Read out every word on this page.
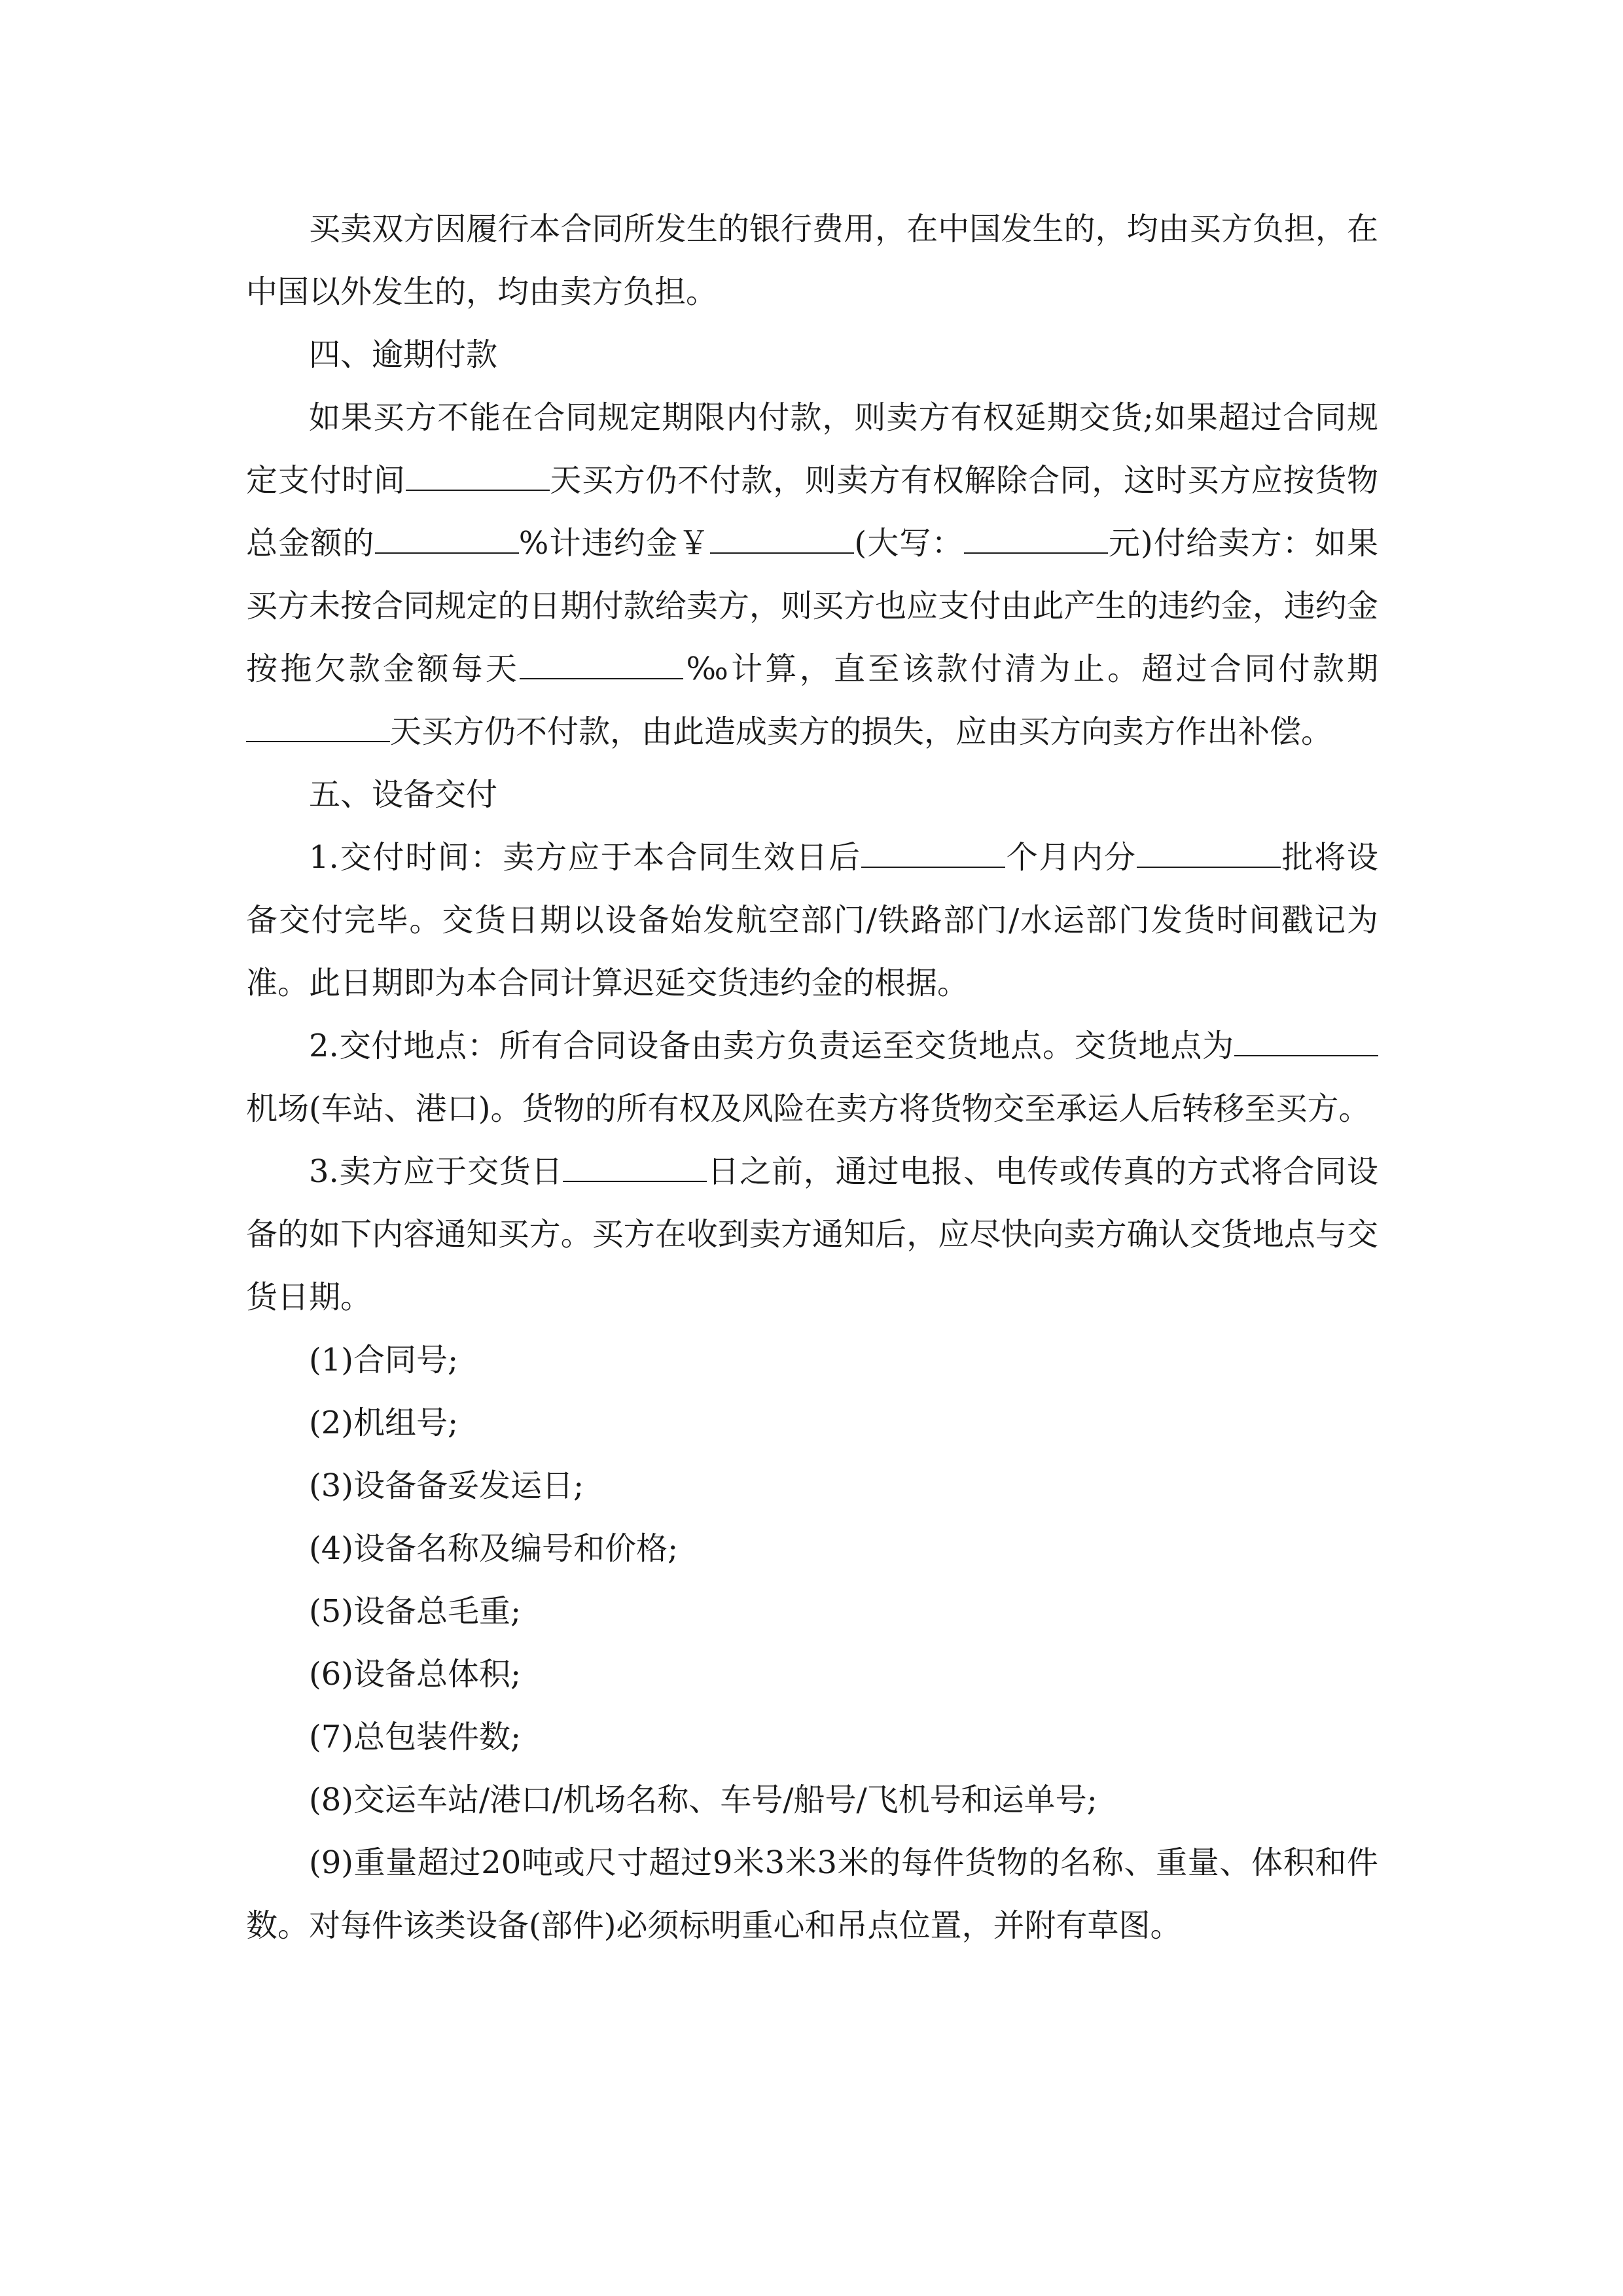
买卖双方因履行本合同所发生的银行费用，在中国发生的，均由买方负担，在中国以外发生的，均由卖方负担。

四、逾期付款

如果买方不能在合同规定期限内付款，则卖方有权延期交货;如果超过合同规定支付时间	天买方仍不付款，则卖方有权解除合同，这时买方应按货物总金额的	%计违约金￥	(大写：	元)付给卖方：如果买方未按合同规定的日期付款给卖方，则买方也应支付由此产生的违约金，违约金按拖欠款金额每天	‰计算，直至该款付清为止。超过合同付款期天买方仍不付款，由此造成卖方的损失，应由买方向卖方作出补偿。

五、设备交付

1.交付时间：卖方应于本合同生效日后	个月内分	批将设备交付完毕。交货日期以设备始发航空部门/铁路部门/水运部门发货时间戳记为准。此日期即为本合同计算迟延交货违约金的根据。

2.交付地点：所有合同设备由卖方负责运至交货地点。交货地点为机场(车站、港口)。货物的所有权及风险在卖方将货物交至承运人后转移至买方。

3.卖方应于交货日	日之前，通过电报、电传或传真的方式将合同设备的如下内容通知买方。买方在收到卖方通知后，应尽快向卖方确认交货地点与交货日期。

(1)合同号;

(2)机组号;

(3)设备备妥发运日;

(4)设备名称及编号和价格;

(5)设备总毛重;

(6)设备总体积;

(7)总包装件数;

(8)交运车站/港口/机场名称、车号/船号/飞机号和运单号;

(9)重量超过20吨或尺寸超过9米3米3米的每件货物的名称、重量、体积和件数。对每件该类设备(部件)必须标明重心和吊点位置，并附有草图。
